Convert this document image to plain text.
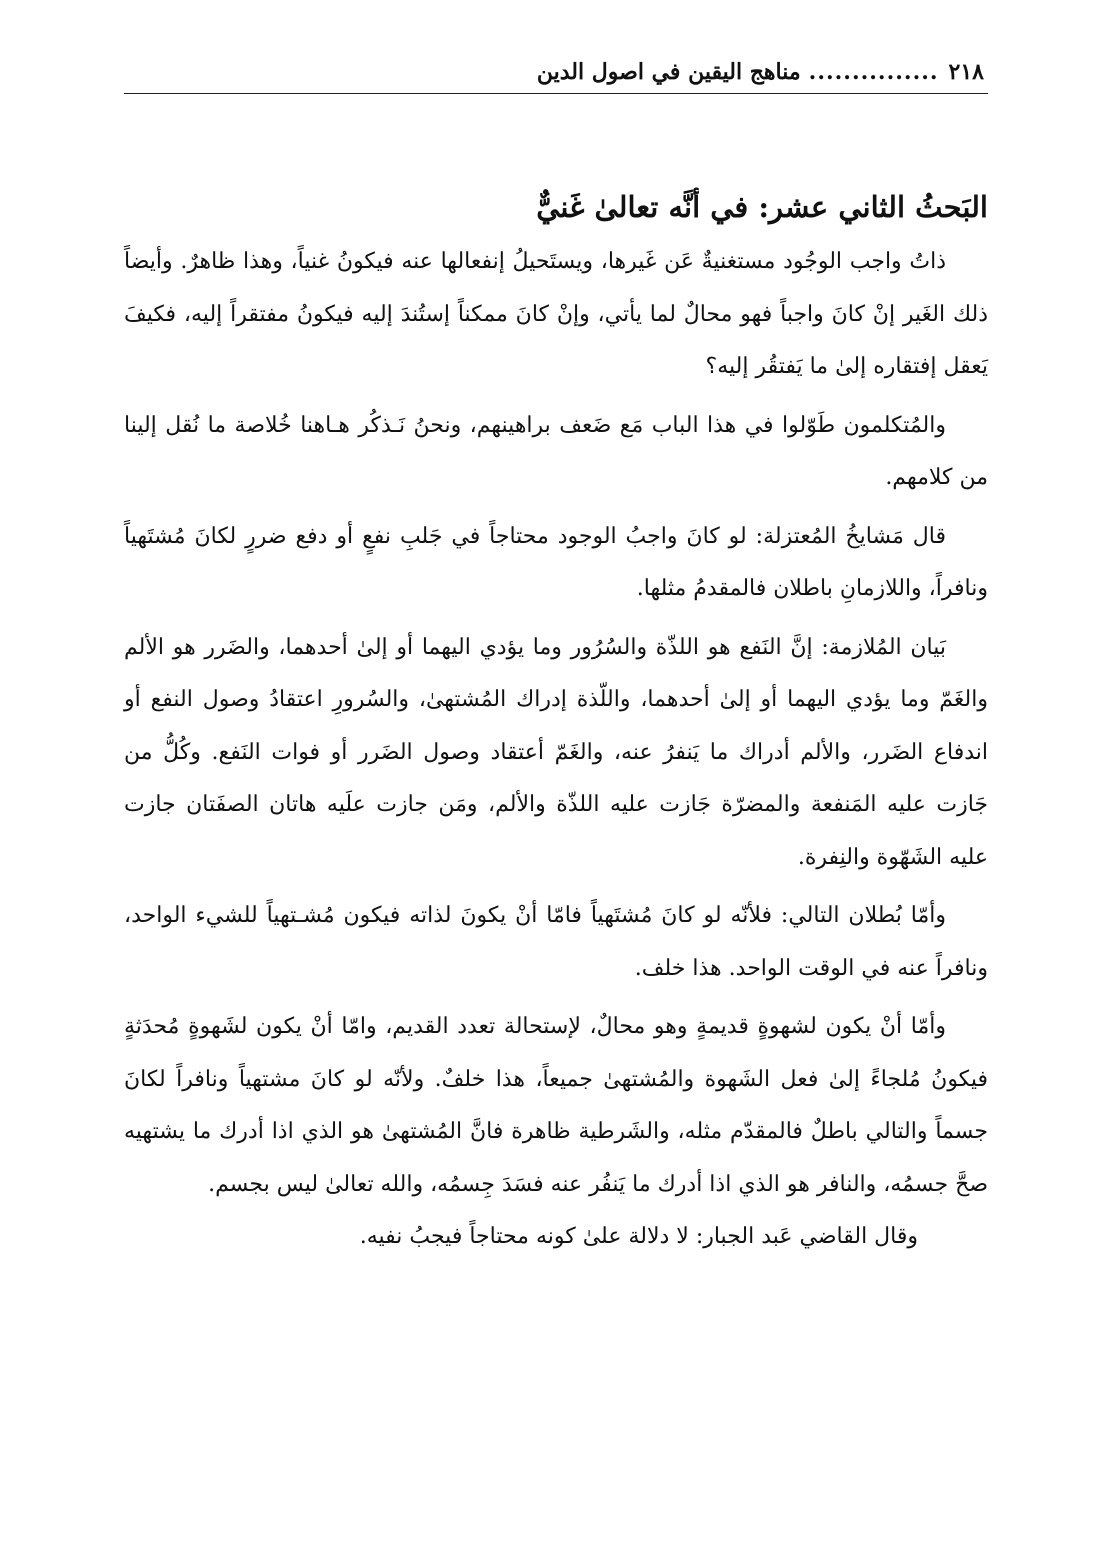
٢١٨
...............
مناهج اليقين في اصول الدين
البَحثُ الثاني عشر: في أنَّه تعالىٰ غَنيٌّ

ذاتُ واجب الوجُود مستغنيةٌ عَن غَيرها، ويستَحيلُ إنفعالها عنه فيكونُ غنياً، وهذا ظاهرٌ. وأيضاً ذلك الغَير إنْ كانَ واجباً فهو محالٌ لما يأتي، وإنْ كانَ ممكناً إستُندَ إليه فيكونُ مفتقراً إليه، فكيفَ يَعقل إفتقاره إلىٰ ما يَفتقُر إليه؟

والمُتكلمون طَوّلوا في هذا الباب مَع ضَعف براهينهم، ونحنُ نَـذكُر هـاهنا خُلاصة ما نُقل إلينا من كلامهم.

قال مَشايخُ المُعتزلة: لو كانَ واجبُ الوجود محتاجاً في جَلبِ نفعٍ أو دفع ضررٍ لكانَ مُشتَهياً ونافراً، واللازمانِ باطلان فالمقدمُ مثلها.

بَيان المُلازمة: إنَّ النَفع هو اللذّة والسُرُور وما يؤدي اليهما أو إلىٰ أحدهما، والضَرر هو الألم والغَمّ وما يؤدي اليهما أو إلىٰ أحدهما، واللّذة إدراك المُشتهىٰ، والسُرورِ اعتقادُ وصول النفع أو اندفاع الضَرر، والألم أدراك ما يَنفرُ عنه، والغَمّ أعتقاد وصول الضَرر أو فوات النَفع. وكُلُّ من جَازت عليه المَنفعة والمضرّة جَازت عليه اللذّة والألم، ومَن جازت علَيه هاتان الصفَتان جازت عليه الشَهّوة والنِفرة.

وأمّا بُطلان التالي: فلأنّه لو كانَ مُشتَهياً فامّا أنْ يكونَ لذاته فيكون مُشـتهياً للشيء الواحد، ونافراً عنه في الوقت الواحد. هذا خلف.

وأمّا أنْ يكون لشهوةٍ قديمةٍ وهو محالٌ، لإستحالة تعدد القديم، وامّا أنْ يكون لشَهوةٍ مُحدَثةٍ فيكونُ مُلجاءً إلىٰ فعل الشَهوة والمُشتهىٰ جميعاً، هذا خلفٌ. ولأنّه لو كانَ مشتهياً ونافراً لكانَ جسماً والتالي باطلٌ فالمقدّم مثله، والشَرطية ظاهرة فانَّ المُشتهىٰ هو الذي اذا أدرك ما يشتهيه صحَّ جسمُه، والنافر هو الذي اذا أدرك ما يَنفُر عنه فسَدَ جِسمُه، والله تعالىٰ ليس بجسم.

وقال القاضي عَبد الجبار: لا دلالة علىٰ كونه محتاجاً فيجبُ نفيه.
